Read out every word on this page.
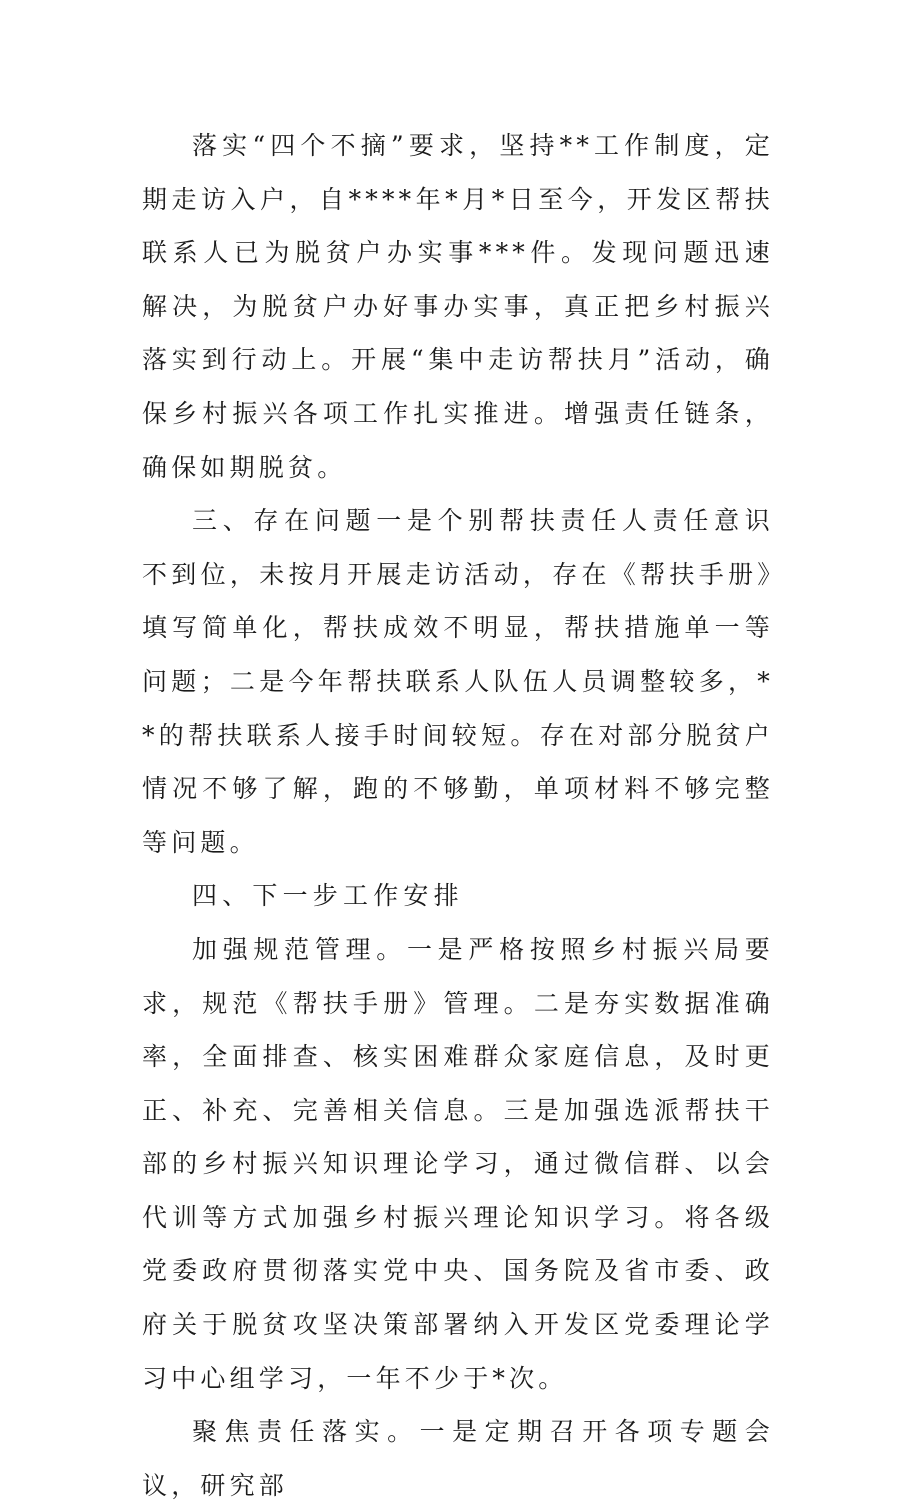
落实“四个不摘”要求，坚持**工作制度，定期走访入户，自****年*月*日至今，开发区帮扶联系人已为脱贫户办实事***件。发现问题迅速解决，为脱贫户办好事办实事，真正把乡村振兴落实到行动上。开展“集中走访帮扶月”活动，确保乡村振兴各项工作扎实推进。增强责任链条，确保如期脱贫。

三、存在问题一是个别帮扶责任人责任意识不到位，未按月开展走访活动，存在《帮扶手册》填写简单化，帮扶成效不明显，帮扶措施单一等问题；二是今年帮扶联系人队伍人员调整较多，**的帮扶联系人接手时间较短。存在对部分脱贫户情况不够了解，跑的不够勤，单项材料不够完整等问题。

四、下一步工作安排

加强规范管理。一是严格按照乡村振兴局要求，规范《帮扶手册》管理。二是夯实数据准确率，全面排查、核实困难群众家庭信息，及时更正、补充、完善相关信息。三是加强选派帮扶干部的乡村振兴知识理论学习，通过微信群、以会代训等方式加强乡村振兴理论知识学习。将各级党委政府贯彻落实党中央、国务院及省市委、政府关于脱贫攻坚决策部署纳入开发区党委理论学习中心组学习，一年不少于*次。

聚焦责任落实。一是定期召开各项专题会议，研究部
